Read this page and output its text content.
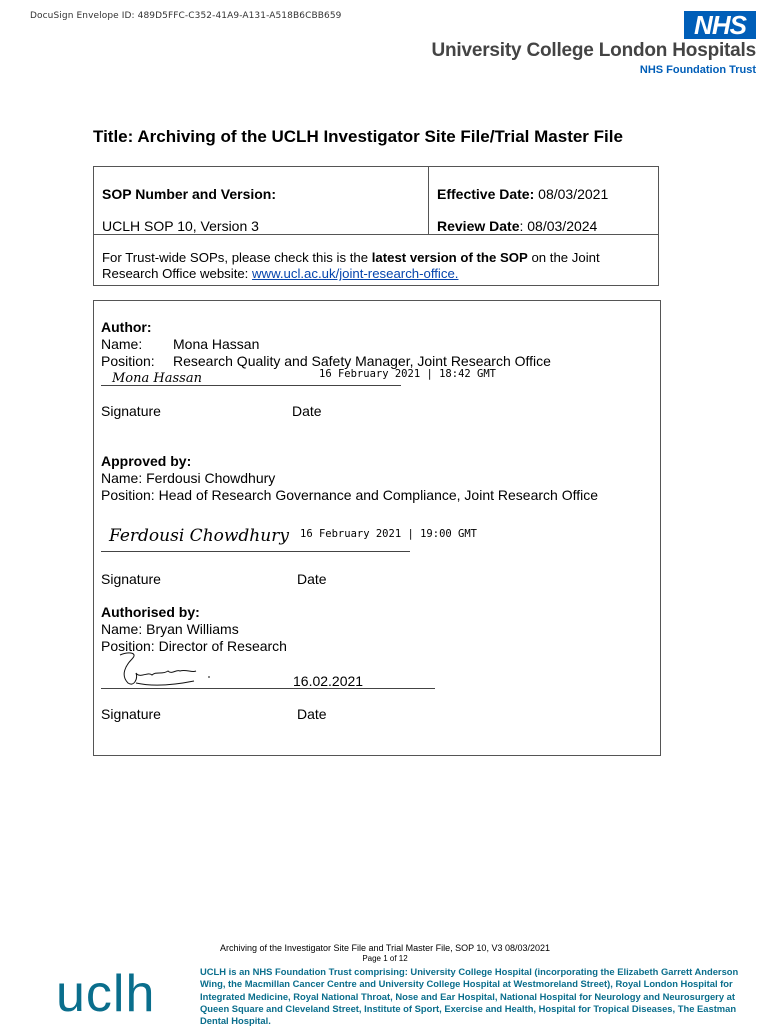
DocuSign Envelope ID: 489D5FFC-C352-41A9-A131-A518B6CBB659	NHS
University College London Hospitals
NHS Foundation Trust
Title: Archiving of the UCLH Investigator Site File/Trial Master File
SOP Number and Version:
UCLH SOP 10, Version 3
Effective Date: 08/03/2021
Review Date: 08/03/2024
For Trust-wide SOPs, please check this is the latest version of the SOP on the Joint Research Office website: www.ucl.ac.uk/joint-research-office.
Author:
Name: Mona Hassan
Position: Research Quality and Safety Manager, Joint Research Office
Mona Hassan	16 February 2021 | 18:42 GMT
Signature	Date
Approved by:
Name: Ferdousi Chowdhury
Position: Head of Research Governance and Compliance, Joint Research Office
Ferdousi Chowdhury 16 February 2021 | 19:00 GMT
Signature	Date
Authorised by:
Name: Bryan Williams
Position: Director of Research
16.02.2021
Signature	Date
Archiving of the Investigator Site File and Trial Master File, SOP 10, V3 08/03/2021
Page 1 of 12
uclh	UCLH is an NHS Foundation Trust comprising: University College Hospital (incorporating the Elizabeth Garrett Anderson Wing, the Macmillan Cancer Centre and University College Hospital at Westmoreland Street), Royal London Hospital for Integrated Medicine, Royal National Throat, Nose and Ear Hospital, National Hospital for Neurology and Neurosurgery at Queen Square and Cleveland Street, Institute of Sport, Exercise and Health, Hospital for Tropical Diseases, The Eastman Dental Hospital.
